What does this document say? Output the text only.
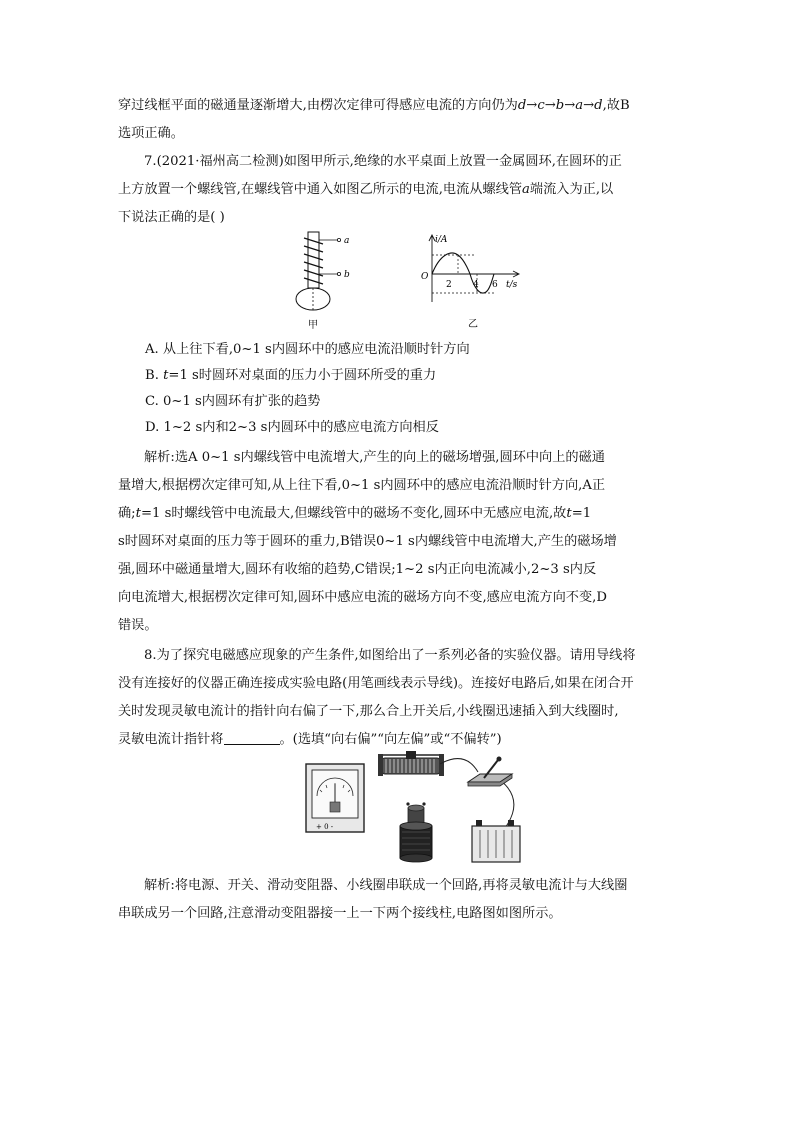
穿过线框平面的磁通量逐渐增大,由楞次定律可得感应电流的方向仍为d→c→b→a→d,故B

选项正确。

7.(2021·福州高二检测)如图甲所示,绝缘的水平桌面上放置一金属圆环,在圆环的正

上方放置一个螺线管,在螺线管中通入如图乙所示的电流,电流从螺线管a端流入为正,以

下说法正确的是( )

a
b
甲
i/A
t/s
O
2 4 6
乙

A. 从上往下看,0~1 s内圆环中的感应电流沿顺时针方向

B. t=1 s时圆环对桌面的压力小于圆环所受的重力

C. 0~1 s内圆环有扩张的趋势

D. 1~2 s内和2~3 s内圆环中的感应电流方向相反

解析:选A 0~1 s内螺线管中电流增大,产生的向上的磁场增强,圆环中向上的磁通

量增大,根据楞次定律可知,从上往下看,0~1 s内圆环中的感应电流沿顺时针方向,A正

确;t=1 s时螺线管中电流最大,但螺线管中的磁场不变化,圆环中无感应电流,故t=1

s时圆环对桌面的压力等于圆环的重力,B错误0~1 s内螺线管中电流增大,产生的磁场增

强,圆环中磁通量增大,圆环有收缩的趋势,C错误;1~2 s内正向电流减小,2~3 s内反

向电流增大,根据楞次定律可知,圆环中感应电流的磁场方向不变,感应电流方向不变,D

错误。

8.为了探究电磁感应现象的产生条件,如图给出了一系列必备的实验仪器。请用导线将

没有连接好的仪器正确连接成实验电路(用笔画线表示导线)。连接好电路后,如果在闭合开

关时发现灵敏电流计的指针向右偏了一下,那么合上开关后,小线圈迅速插入到大线圈时,

灵敏电流计指针将	。(选填“向右偏”“向左偏”或“不偏转”)

+ 0 -

解析:将电源、开关、滑动变阻器、小线圈串联成一个回路,再将灵敏电流计与大线圈

串联成另一个回路,注意滑动变阻器接一上一下两个接线柱,电路图如图所示。
